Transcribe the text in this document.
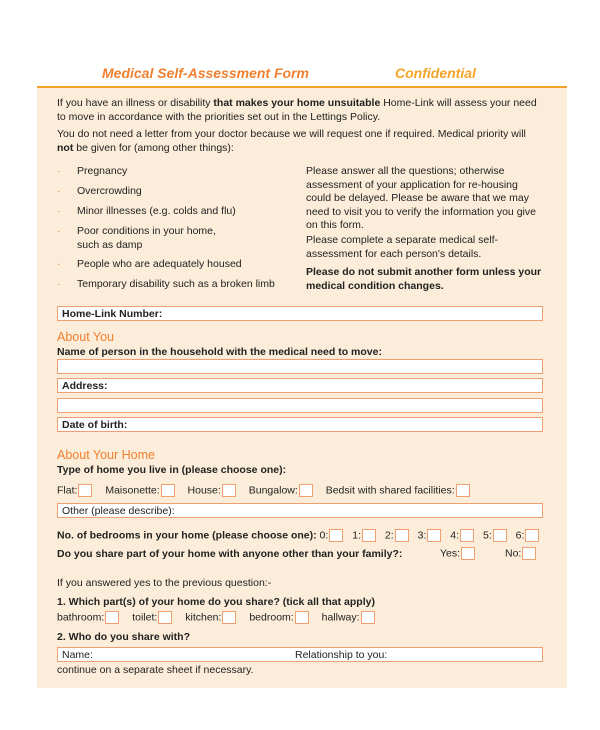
Medical Self-Assessment Form	Confidential

If you have an illness or disability that makes your home unsuitable Home-Link will assess your need to move in accordance with the priorities set out in the Lettings Policy.

You do not need a letter from your doctor because we will request one if required. Medical priority will not be given for (among other things):

· Pregnancy

· Overcrowding

· Minor illnesses (e.g. colds and flu)

· Poor conditions in your home, such as damp

· People who are adequately housed

· Temporary disability such as a broken limb

Please answer all the questions; otherwise assessment of your application for re-housing could be delayed. Please be aware that we may need to visit you to verify the information you give on this form.

Please complete a separate medical self-assessment for each person's details.

Please do not submit another form unless your medical condition changes.

Home-Link Number:
About You
Name of person in the household with the medical need to move:
Address:
Date of birth:
About Your Home
Type of home you live in (please choose one):
Flat:	Maisonette:	House:	Bungalow:	Bedsit with shared facilities:
Other (please describe):
No. of bedrooms in your home (please choose one): 0: 1: 2: 3: 4: 5: 6:
Do you share part of your home with anyone other than your family?:	Yes:	No:
If you answered yes to the previous question:-
1. Which part(s) of your home do you share? (tick all that apply)
bathroom:	toilet:	kitchen:	bedroom:	hallway:
2. Who do you share with?
Name:	Relationship to you:
continue on a separate sheet if necessary.
